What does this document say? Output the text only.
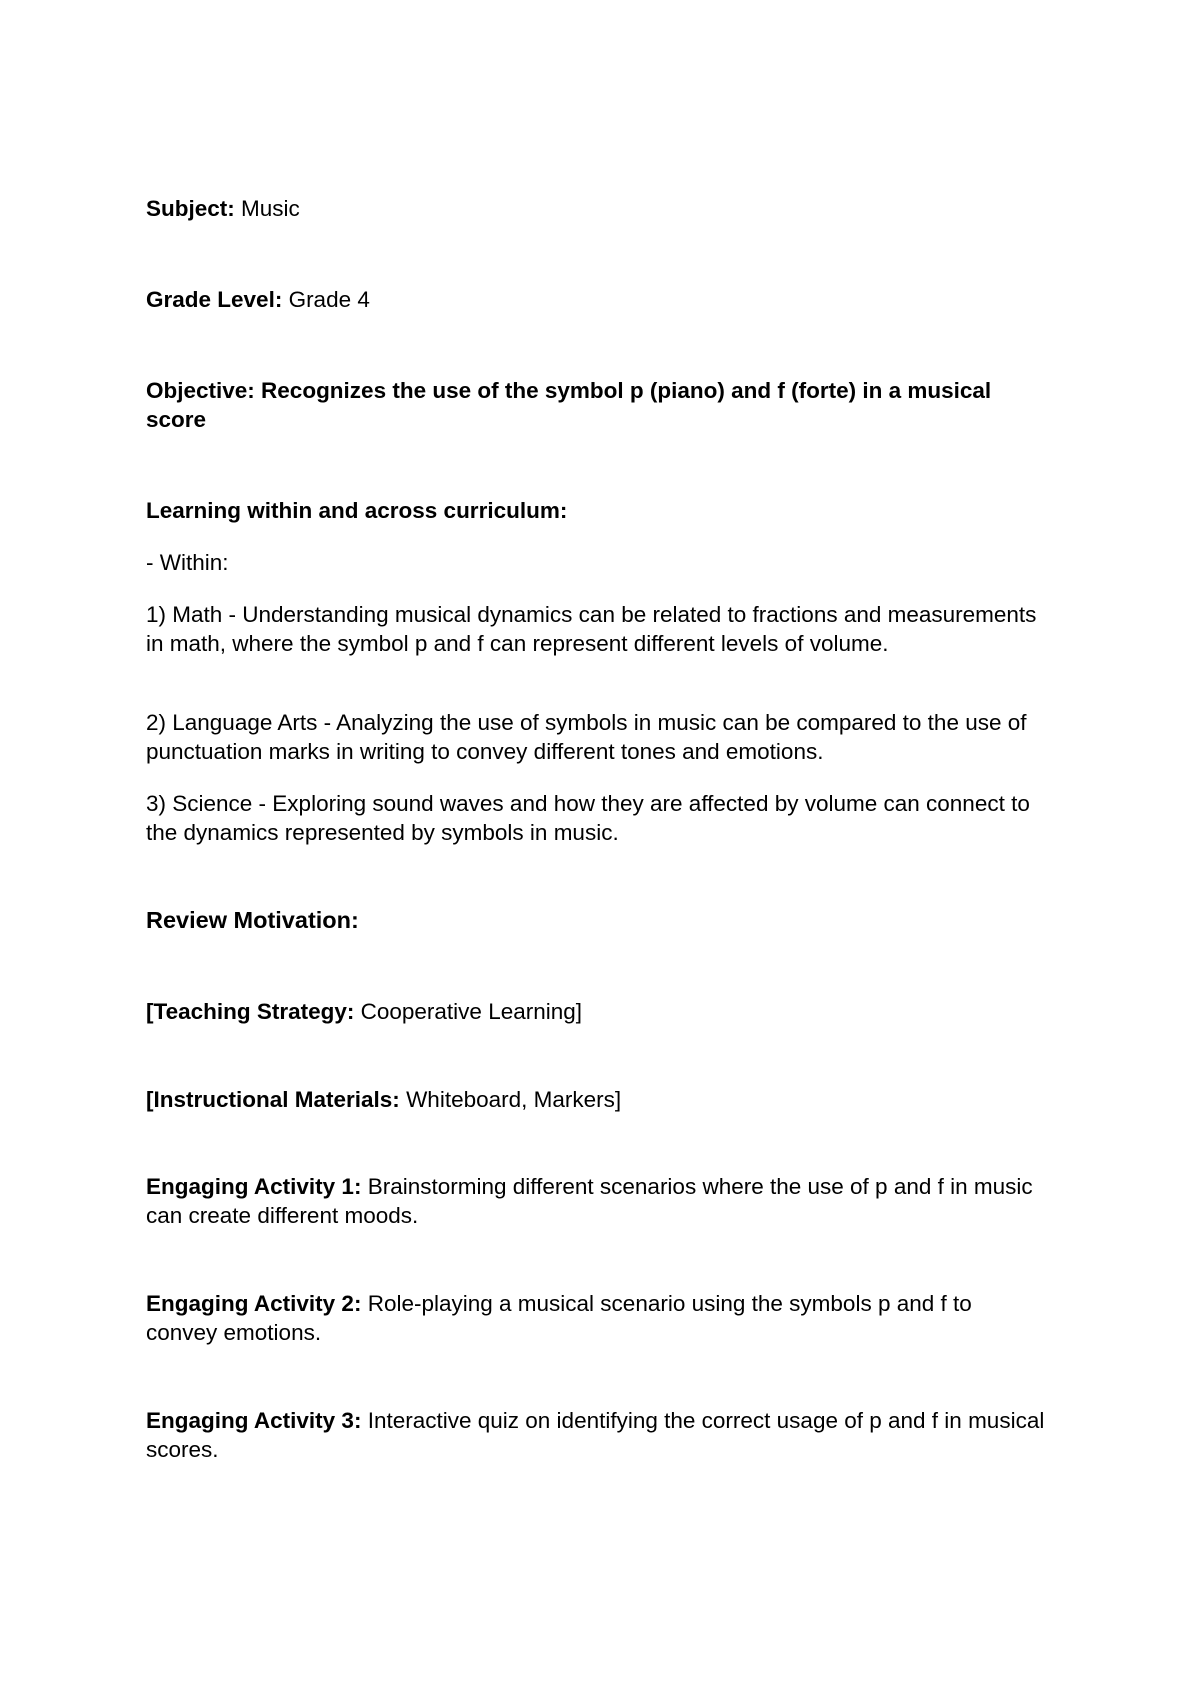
Subject: Music

Grade Level: Grade 4

Objective: Recognizes the use of the symbol p (piano) and f (forte) in a musical score

Learning within and across curriculum:

- Within:

1) Math - Understanding musical dynamics can be related to fractions and measurements in math, where the symbol p and f can represent different levels of volume.

2) Language Arts - Analyzing the use of symbols in music can be compared to the use of punctuation marks in writing to convey different tones and emotions.

3) Science - Exploring sound waves and how they are affected by volume can connect to the dynamics represented by symbols in music.

Review Motivation:

[Teaching Strategy: Cooperative Learning]

[Instructional Materials: Whiteboard, Markers]

Engaging Activity 1: Brainstorming different scenarios where the use of p and f in music can create different moods.

Engaging Activity 2: Role-playing a musical scenario using the symbols p and f to convey emotions.

Engaging Activity 3: Interactive quiz on identifying the correct usage of p and f in musical scores.
